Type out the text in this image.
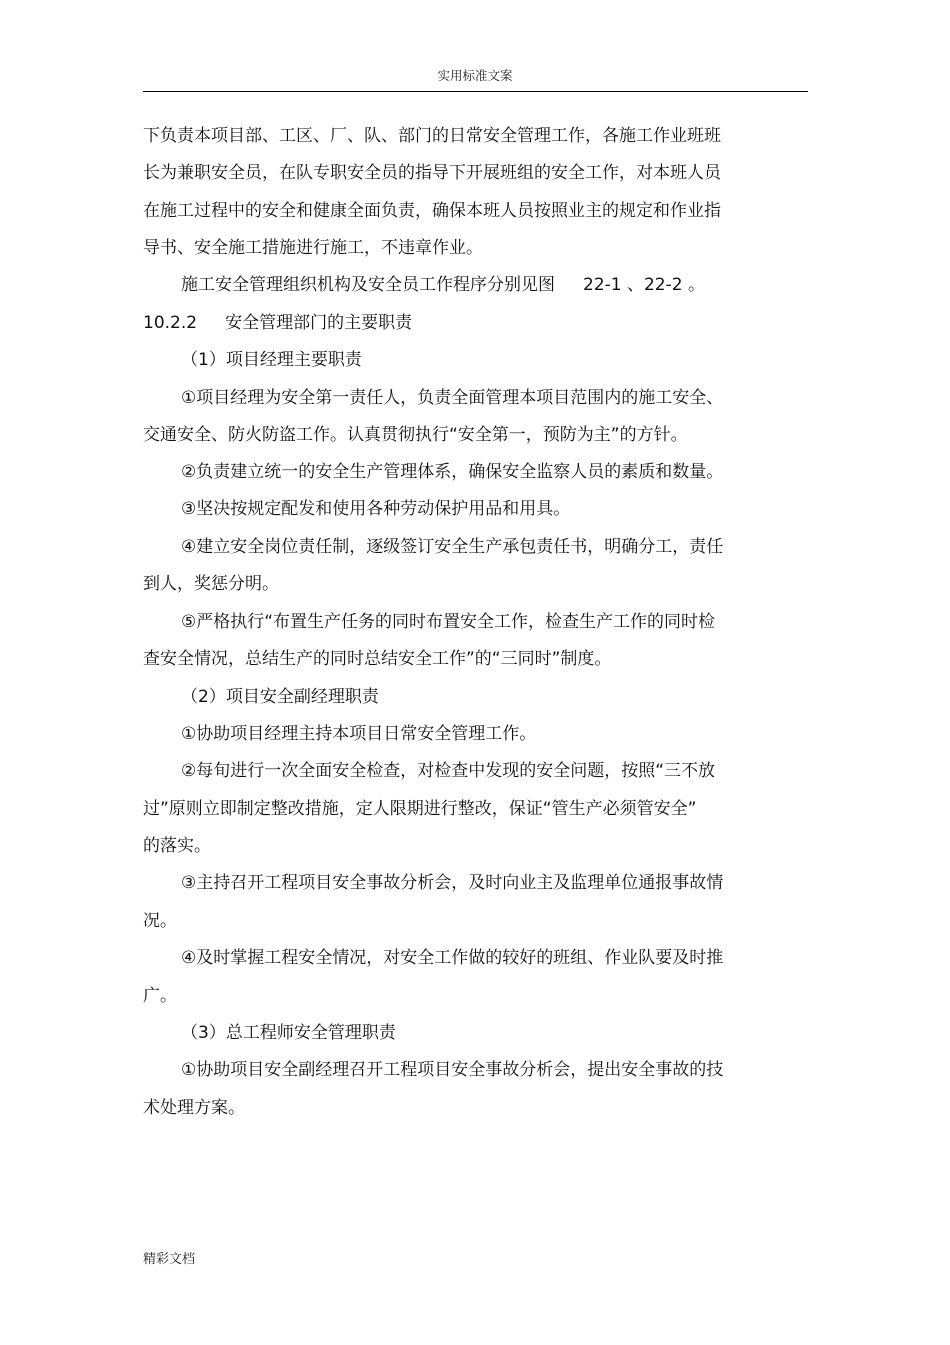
实用标准文案
下负责本项目部、工区、厂、队、部门的日常安全管理工作，各施工作业班班
长为兼职安全员，在队专职安全员的指导下开展班组的安全工作，对本班人员
在施工过程中的安全和健康全面负责，确保本班人员按照业主的规定和作业指
导书、安全施工措施进行施工，不违章作业。
施工安全管理组织机构及安全员工作程序分别见图 22-1 、22-2 。
10.2.2 安全管理部门的主要职责
（1）项目经理主要职责
①项目经理为安全第一责任人，负责全面管理本项目范围内的施工安全、
交通安全、防火防盗工作。认真贯彻执行“安全第一，预防为主”的方针。
②负责建立统一的安全生产管理体系，确保安全监察人员的素质和数量。
③坚决按规定配发和使用各种劳动保护用品和用具。
④建立安全岗位责任制，逐级签订安全生产承包责任书，明确分工，责任
到人，奖惩分明。
⑤严格执行“布置生产任务的同时布置安全工作，检查生产工作的同时检
查安全情况，总结生产的同时总结安全工作”的“三同时”制度。
（2）项目安全副经理职责
①协助项目经理主持本项目日常安全管理工作。
②每旬进行一次全面安全检查，对检查中发现的安全问题，按照“三不放
过”原则立即制定整改措施，定人限期进行整改，保证“管生产必须管安全”
的落实。
③主持召开工程项目安全事故分析会，及时向业主及监理单位通报事故情
况。
④及时掌握工程安全情况，对安全工作做的较好的班组、作业队要及时推
广。
（3）总工程师安全管理职责
①协助项目安全副经理召开工程项目安全事故分析会，提出安全事故的技
术处理方案。
精彩文档
